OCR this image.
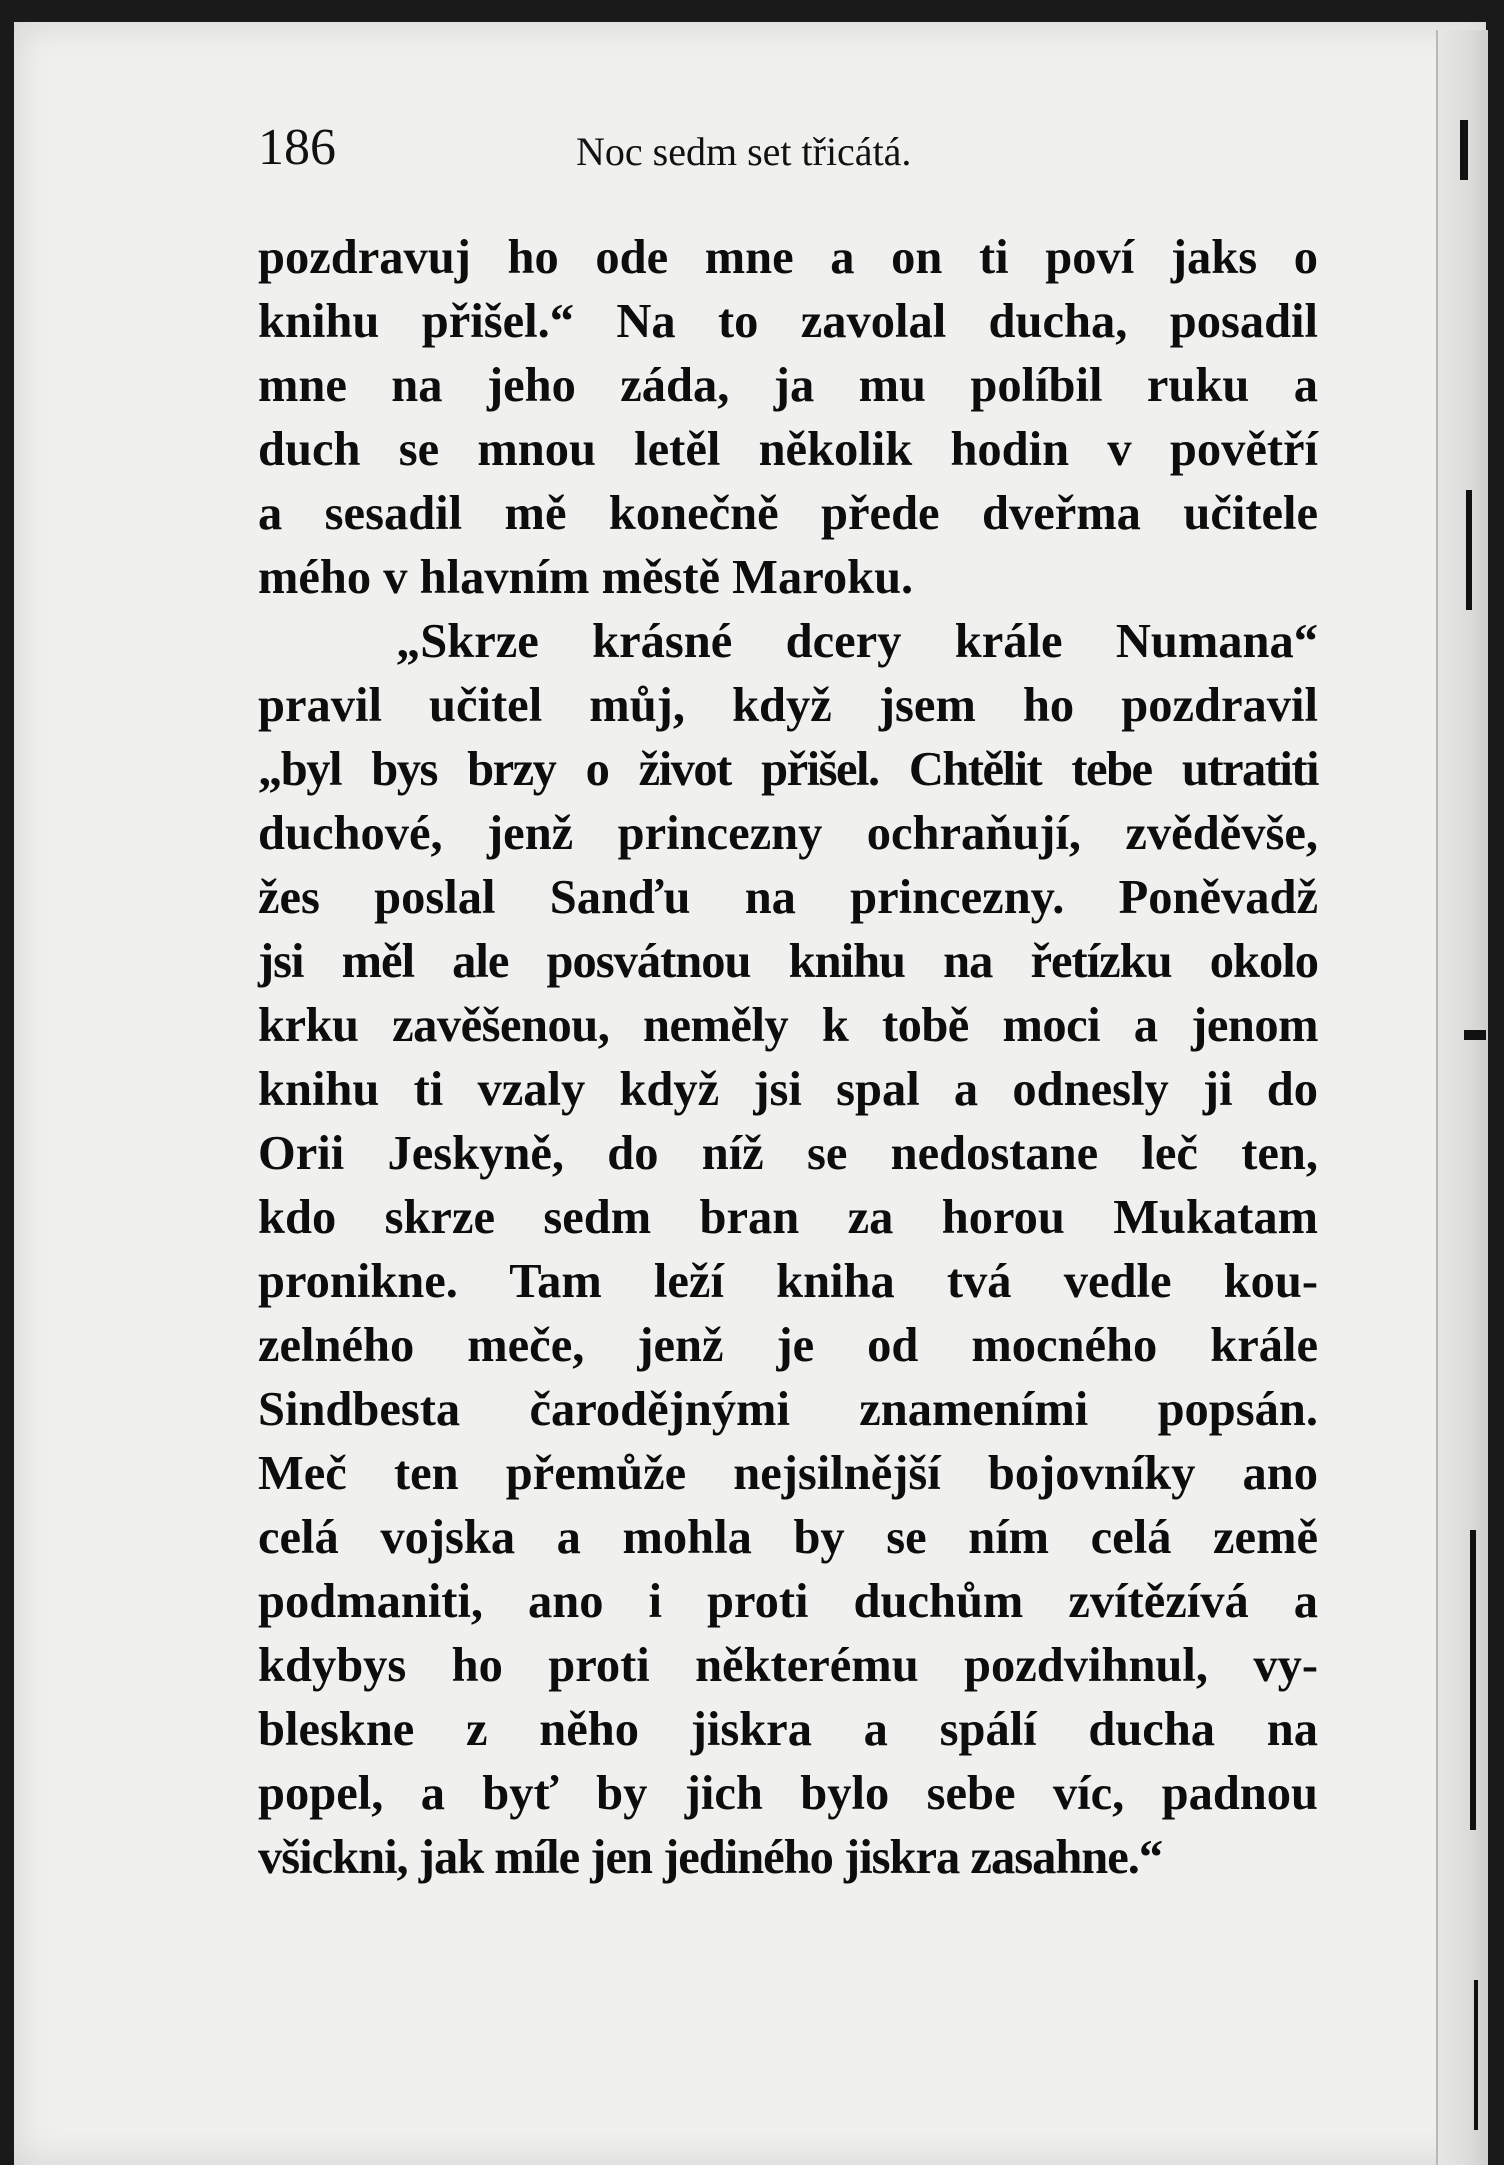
186	Noc sedm set třicátá.
pozdravuj ho ode mne a on ti poví jaks o
knihu přišel.“ Na to zavolal ducha, posadil
mne na jeho záda, ja mu políbil ruku a
duch se mnou letěl několik hodin v povětří
a sesadil mě konečně přede dveřma učitele
mého v hlavním městě Maroku.
„Skrze krásné dcery krále Numana“
pravil učitel můj, když jsem ho pozdravil
„byl bys brzy o život přišel. Chtělit tebe utratiti
duchové, jenž princezny ochraňují, zvěděvše,
žes poslal Sanďu na princezny. Poněvadž
jsi měl ale posvátnou knihu na řetízku okolo
krku zavěšenou, neměly k tobě moci a jenom
knihu ti vzaly když jsi spal a odnesly ji do
Orii Jeskyně, do níž se nedostane leč ten,
kdo skrze sedm bran za horou Mukatam
pronikne. Tam leží kniha tvá vedle kou-
zelného meče, jenž je od mocného krále
Sindbesta čarodějnými znameními popsán.
Meč ten přemůže nejsilnější bojovníky ano
celá vojska a mohla by se ním celá země
podmaniti, ano i proti duchům zvítězívá a
kdybys ho proti některému pozdvihnul, vy-
bleskne z něho jiskra a spálí ducha na
popel, a byť by jich bylo sebe víc, padnou
všickni, jak míle jen jediného jiskra zasahne.“
